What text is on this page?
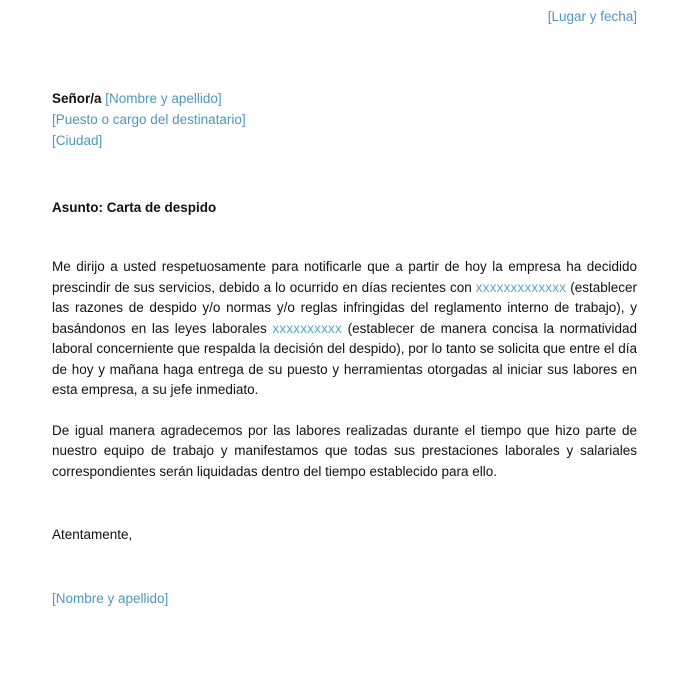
[Lugar y fecha]
Señor/a [Nombre y apellido]
[Puesto o cargo del destinatario]
[Ciudad]
Asunto: Carta de despido

Me dirijo a usted respetuosamente para notificarle que a partir de hoy la empresa ha decidido prescindir de sus servicios, debido a lo ocurrido en días recientes con xxxxxxxxxxxxx (establecer las razones de despido y/o normas y/o reglas infringidas del reglamento interno de trabajo), y basándonos en las leyes laborales xxxxxxxxxx (establecer de manera concisa la normatividad laboral concerniente que respalda la decisión del despido), por lo tanto se solicita que entre el día de hoy y mañana haga entrega de su puesto y herramientas otorgadas al iniciar sus labores en esta empresa, a su jefe inmediato.

De igual manera agradecemos por las labores realizadas durante el tiempo que hizo parte de nuestro equipo de trabajo y manifestamos que todas sus prestaciones laborales y salariales correspondientes serán liquidadas dentro del tiempo establecido para ello.

Atentamente,
[Nombre y apellido]
